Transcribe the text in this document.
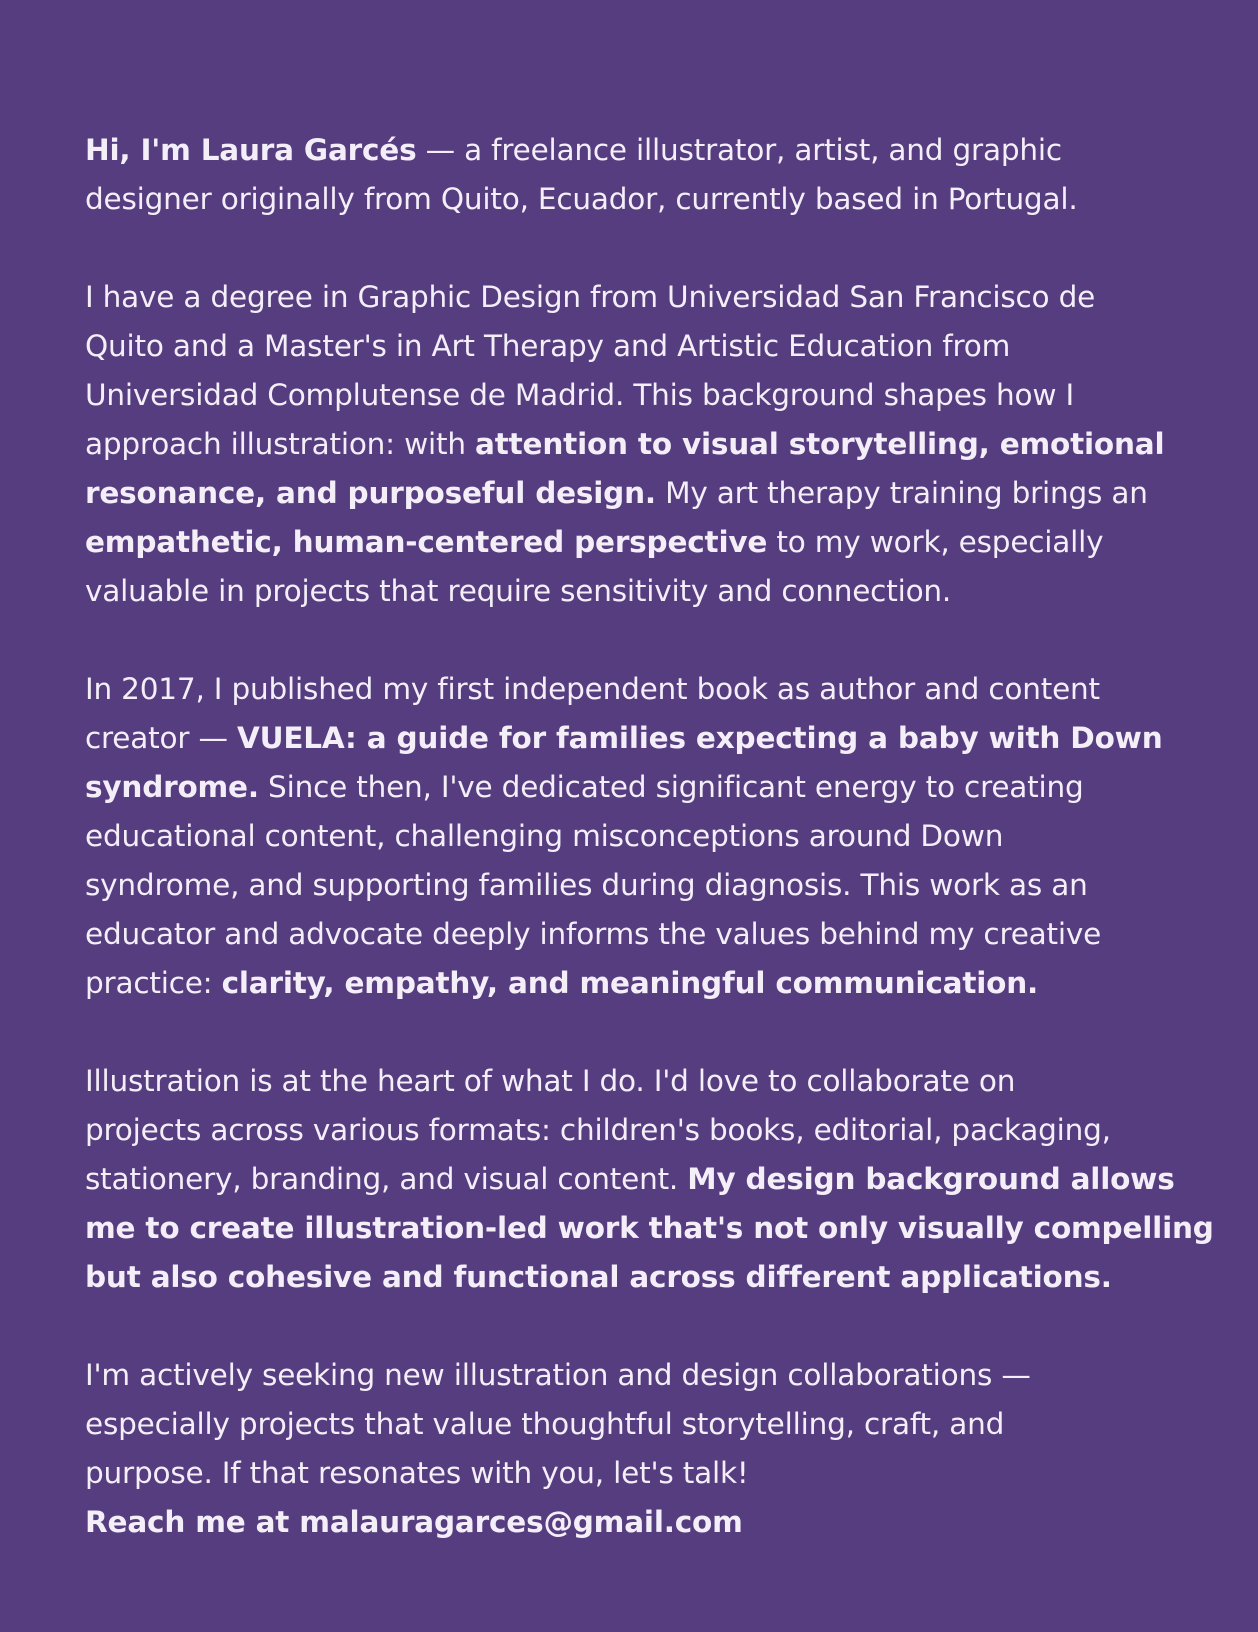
Hi, I'm Laura Garcés — a freelance illustrator, artist, and graphic
designer originally from Quito, Ecuador, currently based in Portugal.

I have a degree in Graphic Design from Universidad San Francisco de
Quito and a Master's in Art Therapy and Artistic Education from
Universidad Complutense de Madrid. This background shapes how I
approach illustration: with attention to visual storytelling, emotional
resonance, and purposeful design. My art therapy training brings an
empathetic, human-centered perspective to my work, especially
valuable in projects that require sensitivity and connection.

In 2017, I published my first independent book as author and content
creator — VUELA: a guide for families expecting a baby with Down
syndrome. Since then, I've dedicated significant energy to creating
educational content, challenging misconceptions around Down
syndrome, and supporting families during diagnosis. This work as an
educator and advocate deeply informs the values behind my creative
practice: clarity, empathy, and meaningful communication.

Illustration is at the heart of what I do. I'd love to collaborate on
projects across various formats: children's books, editorial, packaging,
stationery, branding, and visual content. My design background allows
me to create illustration-led work that's not only visually compelling
but also cohesive and functional across different applications.

I'm actively seeking new illustration and design collaborations —
especially projects that value thoughtful storytelling, craft, and
purpose. If that resonates with you, let's talk!
Reach me at malauragarces@gmail.com
